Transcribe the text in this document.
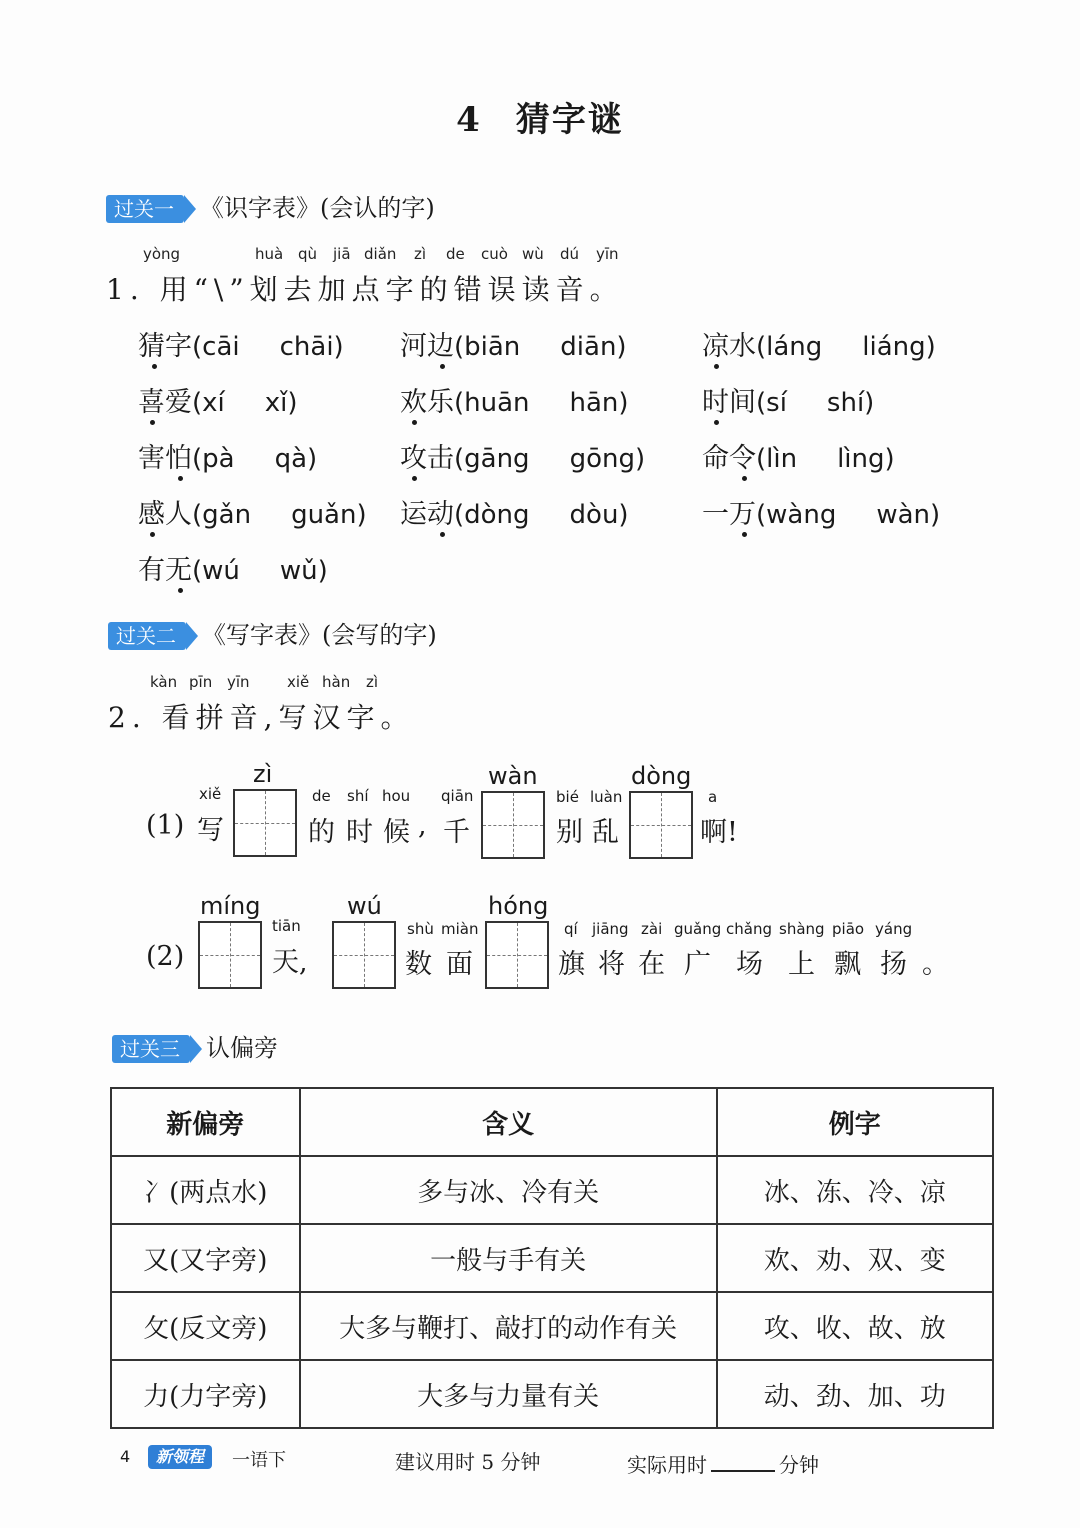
4 猜字谜
过关一 《识字表》(会认的字)
yòng	huà qù jiā diǎn zì de cuò wù dú yīn
1. 用“\”划去加点字的错误读音。
猜字 (cāi chāi) 河边 (biān diān)	凉水 (láng liáng)
喜爱 (xí xǐ)	欢乐 (huān hān)	时间 (sí shí)
害怕 (pà qà)	攻击 (gāng gōng) 命令 (lìn lìng)
感人 (gǎn guǎn) 运动 (dòng dòu)	一万 (wàng wàn)
有无 (wú wǔ)
过关二 《写字表》(会写的字)
kàn pīn yīn xiě hàn zì
2. 看拼音,写汉字。
(1)
xiě
写
zì
de shí hou
的 时 候 ,
qiān
千
wàn
bié luàn
别 乱
dòng
a
啊!
(2)
míng
tiān
天,
wú
shù miàn
数 面
hóng
qí jiāng zài guǎng chǎng shàng piāo yáng
旗 将 在 广 场 上 飘 扬 。
过关三 认偏旁
新偏旁	含义	例字
冫(两点水)	多与冰、冷有关	冰、冻、冷、凉
又(又字旁)	一般与手有关	欢、劝、双、变
攵(反文旁)	大多与鞭打、敲打的动作有关	攻、收、故、放
力(力字旁)	大多与力量有关	动、劲、加、功
4	新领程	一语下	建议用时 5 分钟	实际用时	分钟
